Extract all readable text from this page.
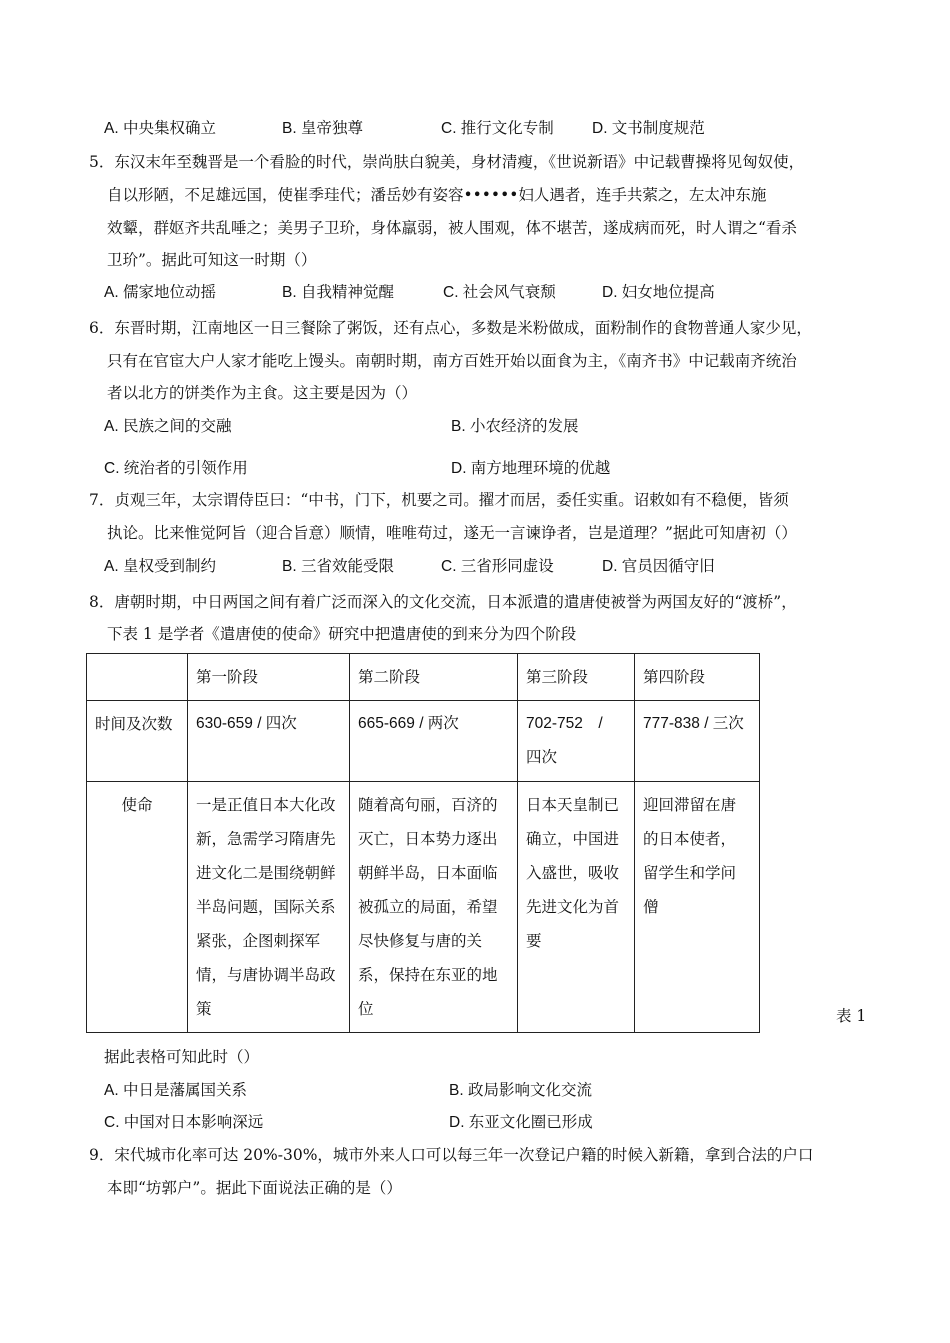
A. 中央集权确立	B. 皇帝独尊	C. 推行文化专制 D. 文书制度规范
5．东汉末年至魏晋是一个看脸的时代，崇尚肤白貌美，身材清瘦，《世说新语》中记载曹操将见匈奴使，
自以形陋，不足雄远国，使崔季珪代；潘岳妙有姿容••••••妇人遇者，连手共萦之，左太冲东施
效颦，群妪齐共乱唾之；美男子卫玠，身体羸弱，被人围观，体不堪苦，遂成病而死，时人谓之“看杀
卫玠”。据此可知这一时期（）
A. 儒家地位动摇	B. 自我精神觉醒	C. 社会风气衰颓	D. 妇女地位提高
6．东晋时期，江南地区一日三餐除了粥饭，还有点心，多数是米粉做成，面粉制作的食物普通人家少见，
只有在官宦大户人家才能吃上馒头。南朝时期，南方百姓开始以面食为主，《南齐书》中记载南齐统治
者以北方的饼类作为主食。这主要是因为（）
A. 民族之间的交融	B. 小农经济的发展
C. 统治者的引领作用	D. 南方地理环境的优越
7．贞观三年，太宗谓侍臣曰：“中书，门下，机要之司。擢才而居，委任实重。诏敕如有不稳便，皆须
执论。比来惟觉阿旨（迎合旨意）顺情，唯唯苟过，遂无一言谏诤者，岂是道理？”据此可知唐初（）
A. 皇权受到制约	B. 三省效能受限	C. 三省形同虚设	D. 官员因循守旧
8．唐朝时期，中日两国之间有着广泛而深入的文化交流，日本派遣的遣唐使被誉为两国友好的“渡桥”，
下表 1 是学者《遣唐使的使命》研究中把遣唐使的到来分为四个阶段
	第一阶段	第二阶段	第三阶段	第四阶段
时间及次数	630-659 / 四次	665-669 / 两次	702-752　/　四次	777-838 / 三次
使命	一是正值日本大化改新，急需学习隋唐先进文化二是围绕朝鲜半岛问题，国际关系紧张，企图刺探军情，与唐协调半岛政策	随着高句丽，百济的灭亡，日本势力逐出朝鲜半岛，日本面临被孤立的局面，希望尽快修复与唐的关系，保持在东亚的地位	日本天皇制已确立，中国进入盛世，吸收先进文化为首要	迎回滞留在唐的日本使者，留学生和学问僧
表 1
据此表格可知此时（）
A. 中日是藩属国关系	B. 政局影响文化交流
C. 中国对日本影响深远	D. 东亚文化圈已形成
9．宋代城市化率可达 20%-30%，城市外来人口可以每三年一次登记户籍的时候入新籍，拿到合法的户口
本即“坊郭户”。据此下面说法正确的是（）
